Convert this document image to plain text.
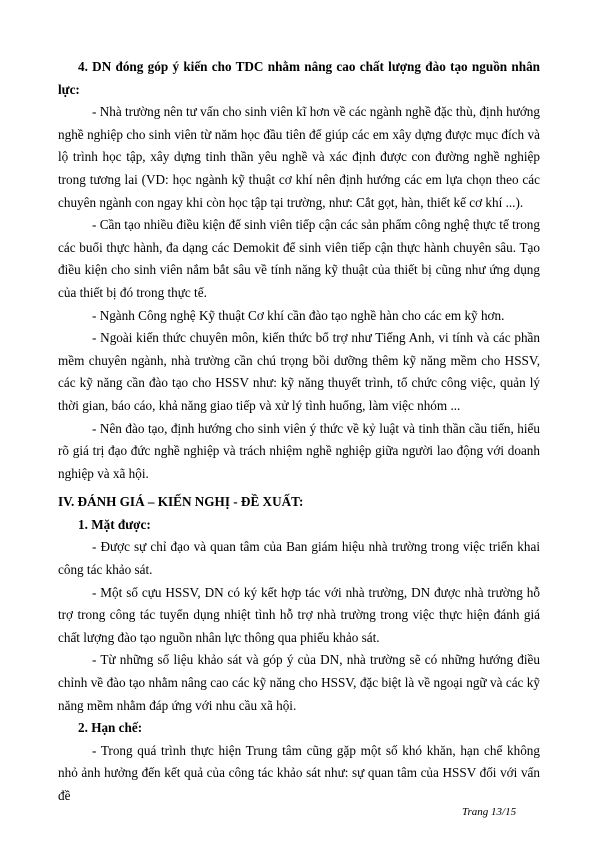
4. DN đóng góp ý kiến cho TDC nhằm nâng cao chất lượng đào tạo nguồn nhân lực:

- Nhà trường nên tư vấn cho sinh viên kĩ hơn về các ngành nghề đặc thù, định hướng nghề nghiệp cho sinh viên từ năm học đầu tiên để giúp các em xây dựng được mục đích và lộ trình học tập, xây dựng tinh thần yêu nghề và xác định được con đường nghề nghiệp trong tương lai (VD: học ngành kỹ thuật cơ khí nên định hướng các em lựa chọn theo các chuyên ngành con ngay khi còn học tập tại trường, như: Cắt gọt, hàn, thiết kế cơ khí ...).

- Cần tạo nhiều điều kiện để sinh viên tiếp cận các sản phẩm công nghệ thực tế trong các buổi thực hành, đa dạng các Demokit để sinh viên tiếp cận thực hành chuyên sâu. Tạo điều kiện cho sinh viên nắm bắt sâu về tính năng kỹ thuật của thiết bị cũng như ứng dụng của thiết bị đó trong thực tế.

- Ngành Công nghệ Kỹ thuật Cơ khí cần đào tạo nghề hàn cho các em kỹ hơn.

- Ngoài kiến thức chuyên môn, kiến thức bổ trợ như Tiếng Anh, vi tính và các phần mềm chuyên ngành, nhà trường cần chú trọng bồi dưỡng thêm kỹ năng mềm cho HSSV, các kỹ năng cần đào tạo cho HSSV như: kỹ năng thuyết trình, tổ chức công việc, quản lý thời gian, báo cáo, khả năng giao tiếp và xử lý tình huống, làm việc nhóm ...

- Nên đào tạo, định hướng cho sinh viên ý thức về kỷ luật và tinh thần cầu tiến, hiểu rõ giá trị đạo đức nghề nghiệp và trách nhiệm nghề nghiệp giữa người lao động với doanh nghiệp và xã hội.

IV. ĐÁNH GIÁ – KIẾN NGHỊ - ĐỀ XUẤT:

1. Mặt được:

- Được sự chỉ đạo và quan tâm của Ban giám hiệu nhà trường trong việc triển khai công tác khảo sát.

- Một số cựu HSSV, DN có ký kết hợp tác với nhà trường, DN được nhà trường hỗ trợ trong công tác tuyển dụng nhiệt tình hỗ trợ nhà trường trong việc thực hiện đánh giá chất lượng đào tạo nguồn nhân lực thông qua phiếu khảo sát.

- Từ những số liệu khảo sát và góp ý của DN, nhà trường sẽ có những hướng điều chỉnh về đào tạo nhằm nâng cao các kỹ năng cho HSSV, đặc biệt là về ngoại ngữ và các kỹ năng mềm nhằm đáp ứng với nhu cầu xã hội.

2. Hạn chế:

- Trong quá trình thực hiện Trung tâm cũng gặp một số khó khăn, hạn chế không nhỏ ảnh hưởng đến kết quả của công tác khảo sát như: sự quan tâm của HSSV đối với vấn đề

Trang 13/15
